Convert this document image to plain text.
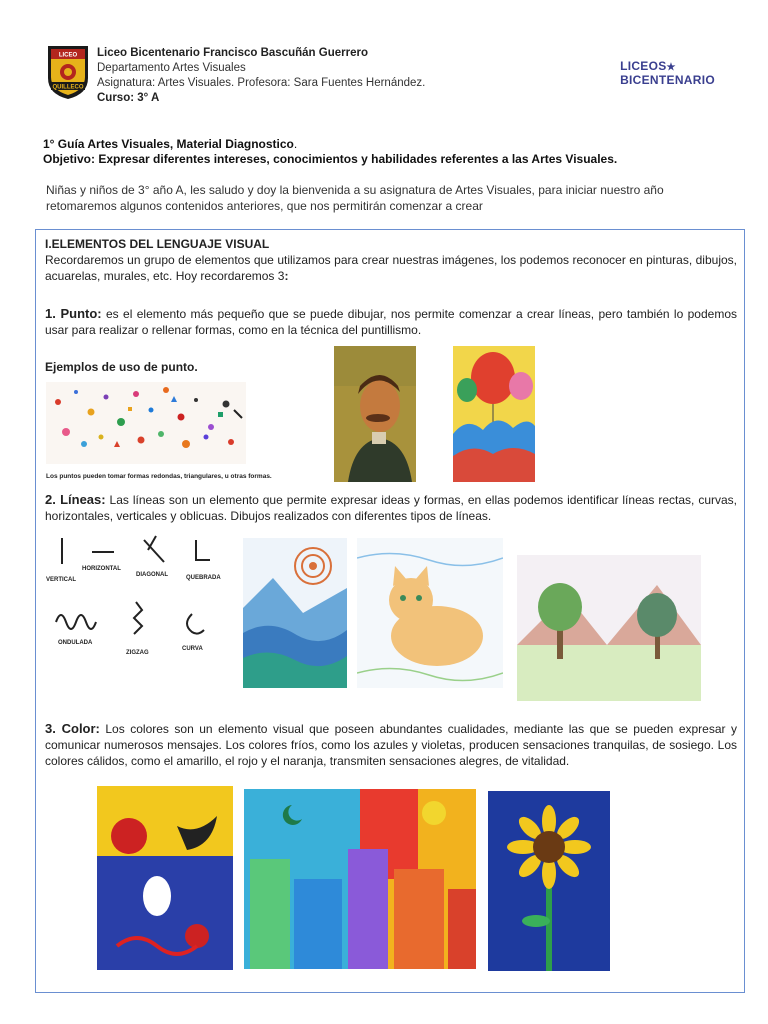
LICEO
QUILLECO
Liceo Bicentenario Francisco Bascuñán Guerrero
Departamento Artes Visuales
Asignatura: Artes Visuales. Profesora: Sara Fuentes Hernández.
Curso: 3° A
LICEOS★
BICENTENARIO
1° Guía Artes Visuales, Material Diagnostico.
Objetivo: Expresar diferentes intereses, conocimientos y habilidades referentes a las Artes Visuales.
Niñas y niños de 3° año A, les saludo y doy la bienvenida a su asignatura de Artes Visuales, para iniciar nuestro año retomaremos algunos contenidos anteriores, que nos permitirán comenzar a crear
I.ELEMENTOS DEL LENGUAJE VISUAL
Recordaremos un grupo de elementos que utilizamos para crear nuestras imágenes, los podemos reconocer en pinturas, dibujos, acuarelas, murales, etc. Hoy recordaremos 3:
1. Punto: es el elemento más pequeño que se puede dibujar, nos permite comenzar a crear líneas, pero también lo podemos usar para realizar o rellenar formas, como en la técnica del puntillismo.
Ejemplos de uso de punto.
Los puntos pueden tomar formas redondas, triangulares, u otras formas.
2. Líneas: Las líneas son un elemento que permite expresar ideas y formas, en ellas podemos identificar líneas rectas, curvas, horizontales, verticales y oblicuas. Dibujos realizados con diferentes tipos de líneas.
VERTICAL
HORIZONTAL
DIAGONAL	QUEBRADA
ONDULADA
ZIGZAG
CURVA
3. Color: Los colores son un elemento visual que poseen abundantes cualidades, mediante las que se pueden expresar y comunicar numerosos mensajes. Los colores fríos, como los azules y violetas, producen sensaciones tranquilas, de sosiego. Los colores cálidos, como el amarillo, el rojo y el naranja, transmiten sensaciones alegres, de vitalidad.
